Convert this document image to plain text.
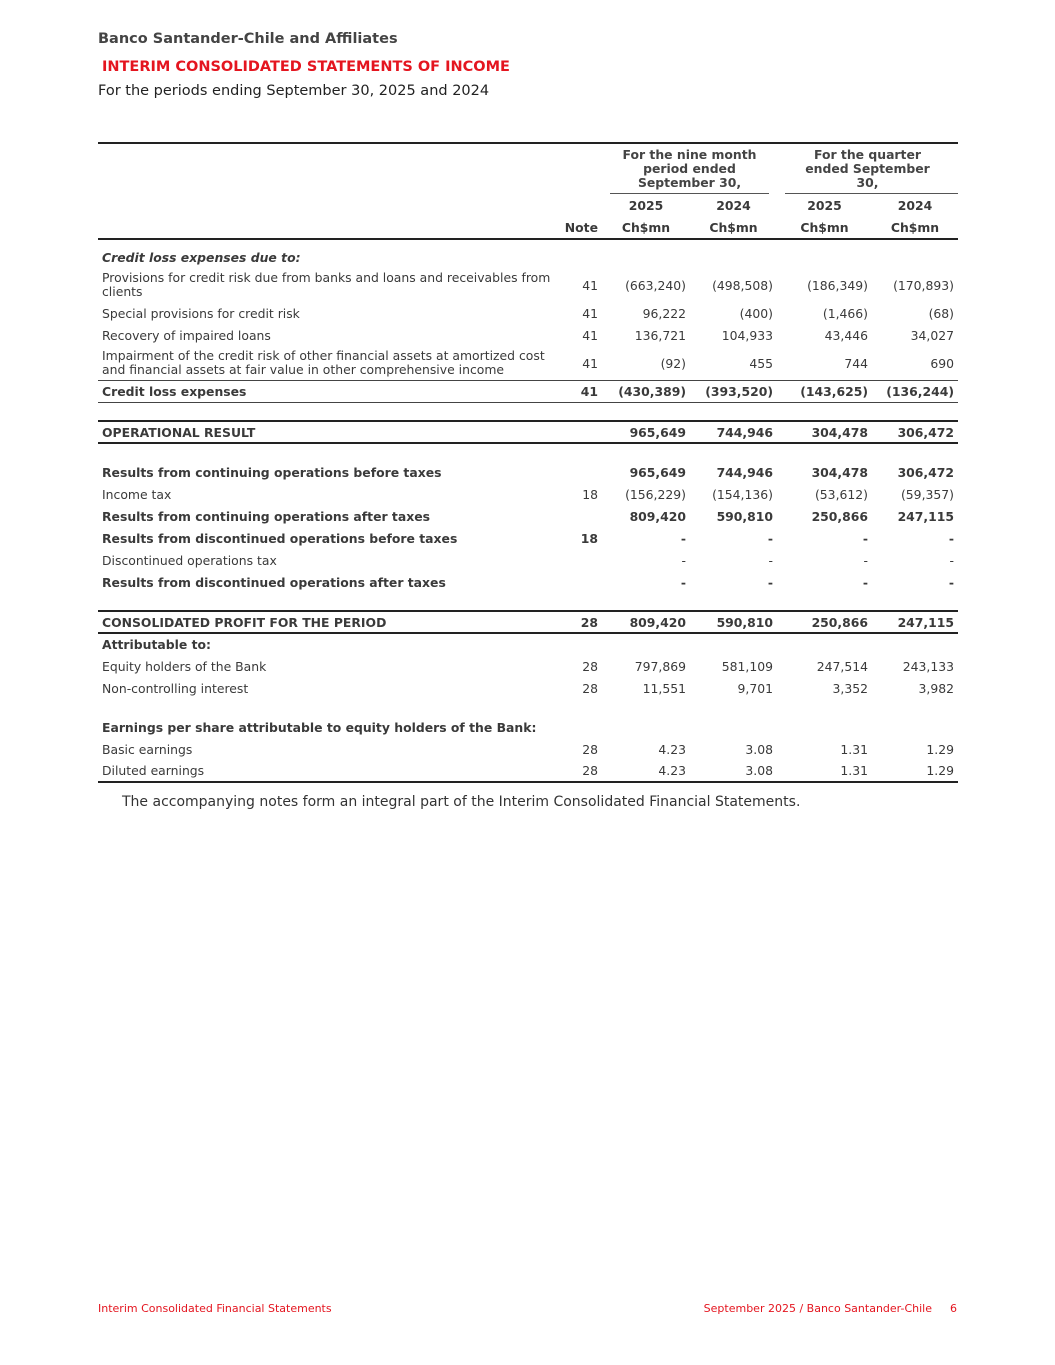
Banco Santander-Chile and Affiliates
INTERIM CONSOLIDATED STATEMENTS OF INCOME
For the periods ending September 30, 2025 and 2024

		For the nine month period ended September 30,		For the quarter ended September 30,	

		2025	2024	2025	2024
	Note	Ch$mn	Ch$mn	Ch$mn	Ch$mn

Credit loss expenses due to:					
Provisions for credit risk due from banks and loans and receivables from clients	41	(663,240)	(498,508)	(186,349)	(170,893)
Special provisions for credit risk	41	96,222	(400)	(1,466)	(68)
Recovery of impaired loans	41	136,721	104,933	43,446	34,027
Impairment of the credit risk of other financial assets at amortized cost and financial assets at fair value in other comprehensive income	41	(92)	455	744	690
Credit loss expenses	41	(430,389)	(393,520)	(143,625)	(136,244)

OPERATIONAL RESULT		965,649	744,946	304,478	306,472

Results from continuing operations before taxes		965,649	744,946	304,478	306,472
Income tax	18	(156,229)	(154,136)	(53,612)	(59,357)
Results from continuing operations after taxes		809,420	590,810	250,866	247,115
Results from discontinued operations before taxes	18	-	-	-	-
Discontinued operations tax		-	-	-	-
Results from discontinued operations after taxes		-	-	-	-

CONSOLIDATED PROFIT FOR THE PERIOD	28	809,420	590,810	250,866	247,115
Attributable to:					
Equity holders of the Bank	28	797,869	581,109	247,514	243,133
Non-controlling interest	28	11,551	9,701	3,352	3,982

Earnings per share attributable to equity holders of the Bank:					
Basic earnings	28	4.23	3.08	1.31	1.29
Diluted earnings	28	4.23	3.08	1.31	1.29
The accompanying notes form an integral part of the Interim Consolidated Financial Statements.
Interim Consolidated Financial Statements	September 2025 / Banco Santander-Chile 6
